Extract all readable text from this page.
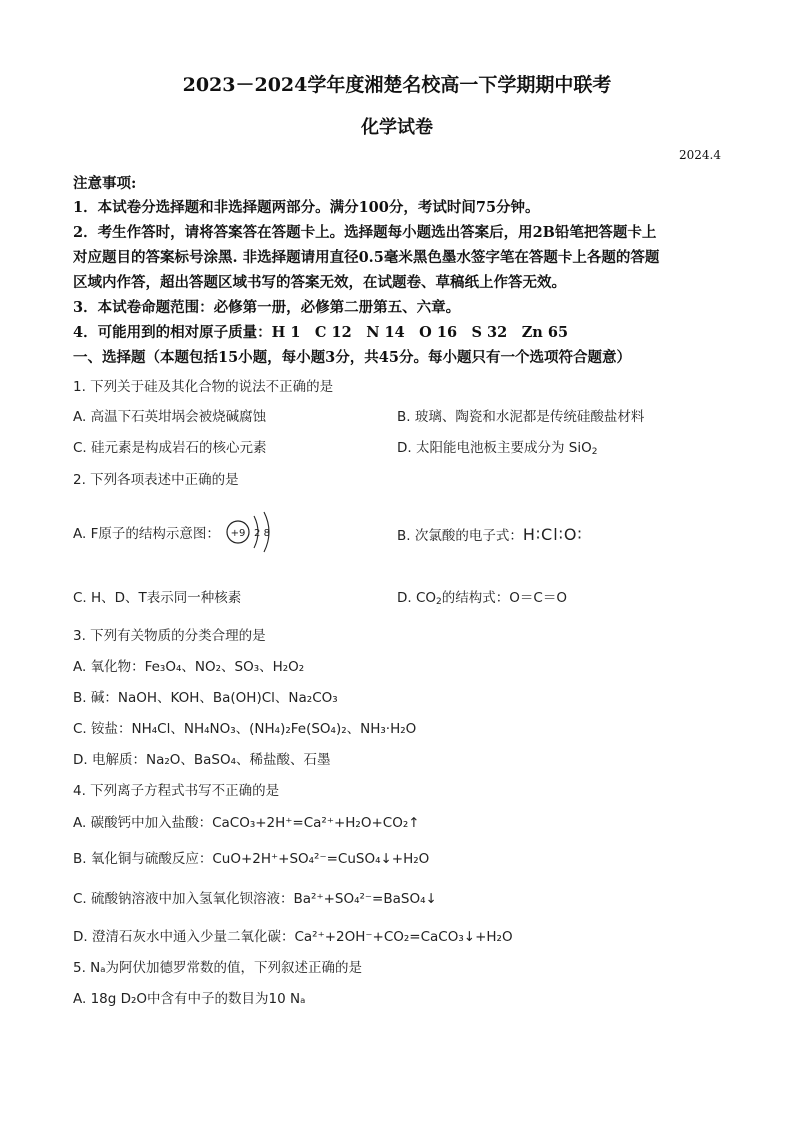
2023－2024学年度湘楚名校高一下学期期中联考
化学试卷
2024.4
注意事项:
1．本试卷分选择题和非选择题两部分。满分100分，考试时间75分钟。
2．考生作答时，请将答案答在答题卡上。选择题每小题选出答案后，用2B铅笔把答题卡上
对应题目的答案标号涂黑. 非选择题请用直径0.5毫米黑色墨水签字笔在答题卡上各题的答题
区域内作答，超出答题区域书写的答案无效，在试题卷、草稿纸上作答无效。
3．本试卷命题范围：必修第一册，必修第二册第五、六章。
4．可能用到的相对原子质量：H 1　C 12　N 14　O 16　S 32　Zn 65
一、选择题（本题包括15小题，每小题3分，共45分。每小题只有一个选项符合题意）
1. 下列关于硅及其化合物的说法不正确的是
A. 高温下石英坩埚会被烧碱腐蚀	B. 玻璃、陶瓷和水泥都是传统硅酸盐材料
C. 硅元素是构成岩石的核心元素	D. 太阳能电池板主要成分为 SiO$_2$
2. 下列各项表述中正确的是
A. F原子的结构示意图： +9 2 8	B. 次氯酸的电子式：H∶Cl∶O∶
C. H、D、T表示同一种核素	D. $CO_2$的结构式：O＝C＝O
3. 下列有关物质的分类合理的是
A. 氧化物：Fe₃O₄、NO₂、SO₃、H₂O₂
B. 碱：NaOH、KOH、Ba(OH)Cl、Na₂CO₃
C. 铵盐：NH₄Cl、NH₄NO₃、(NH₄)₂Fe(SO₄)₂、NH₃·H₂O
D. 电解质：Na₂O、BaSO₄、稀盐酸、石墨
4. 下列离子方程式书写不正确的是
A. 碳酸钙中加入盐酸：CaCO₃+2H⁺=Ca²⁺+H₂O+CO₂↑
B. 氧化铜与硫酸反应：CuO+2H⁺+SO₄²⁻=CuSO₄↓+H₂O
C. 硫酸钠溶液中加入氢氧化钡溶液：Ba²⁺+SO₄²⁻=BaSO₄↓
D. 澄清石灰水中通入少量二氧化碳：Ca²⁺+2OH⁻+CO₂=CaCO₃↓+H₂O
5. Nₐ为阿伏加德罗常数的值，下列叙述正确的是
A. 18g D₂O中含有中子的数目为10 Nₐ
